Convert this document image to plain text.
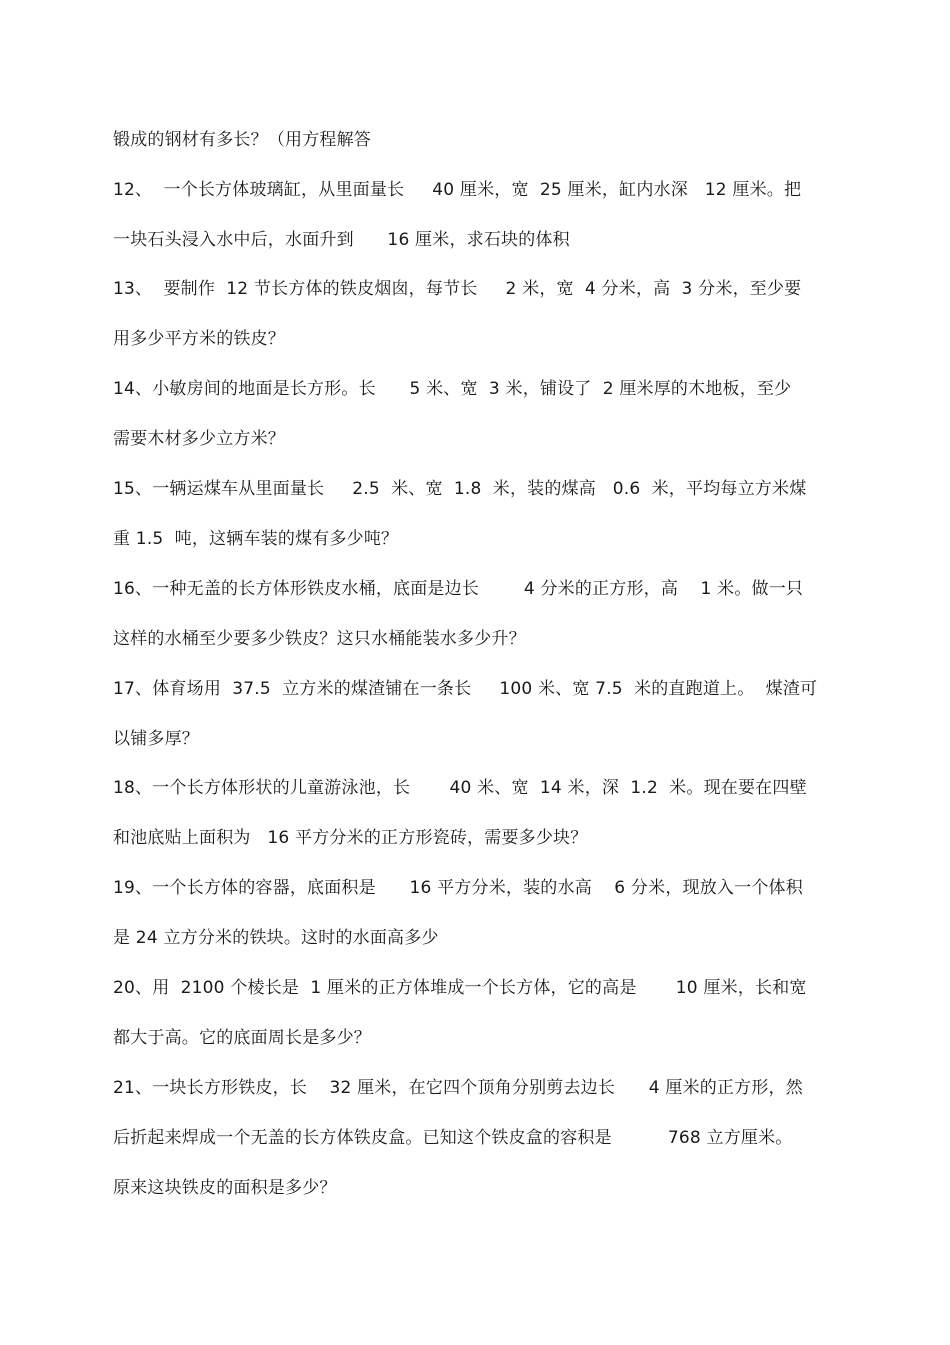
锻成的钢材有多长？（用方程解答
12、  一个长方体玻璃缸，从里面量长     40 厘米，宽  25 厘米，缸内水深   12 厘米。把
一块石头浸入水中后，水面升到      16 厘米，求石块的体积
13、  要制作  12 节长方体的铁皮烟囱，每节长     2 米，宽  4 分米，高  3 分米，至少要
用多少平方米的铁皮？
14、小敏房间的地面是长方形。长      5 米、宽  3 米，铺设了  2 厘米厚的木地板，至少
需要木材多少立方米？
15、一辆运煤车从里面量长     2.5  米、宽  1.8  米，装的煤高   0.6  米，平均每立方米煤
重 1.5  吨，这辆车装的煤有多少吨？
16、一种无盖的长方体形铁皮水桶，底面是边长        4 分米的正方形，高    1 米。做一只
这样的水桶至少要多少铁皮？这只水桶能装水多少升？
17、体育场用  37.5  立方米的煤渣铺在一条长     100 米、宽 7.5  米的直跑道上。  煤渣可
以铺多厚？
18、一个长方体形状的儿童游泳池，长       40 米、宽  14 米，深  1.2  米。现在要在四壁
和池底贴上面积为   16 平方分米的正方形瓷砖，需要多少块？
19、一个长方体的容器，底面积是      16 平方分米，装的水高    6 分米，现放入一个体积
是 24 立方分米的铁块。这时的水面高多少
20、用  2100 个棱长是  1 厘米的正方体堆成一个长方体，它的高是       10 厘米，长和宽
都大于高。它的底面周长是多少？
21、一块长方形铁皮，长    32 厘米，在它四个顶角分别剪去边长      4 厘米的正方形，然
后折起来焊成一个无盖的长方体铁皮盒。已知这个铁皮盒的容积是          768 立方厘米。
原来这块铁皮的面积是多少？
